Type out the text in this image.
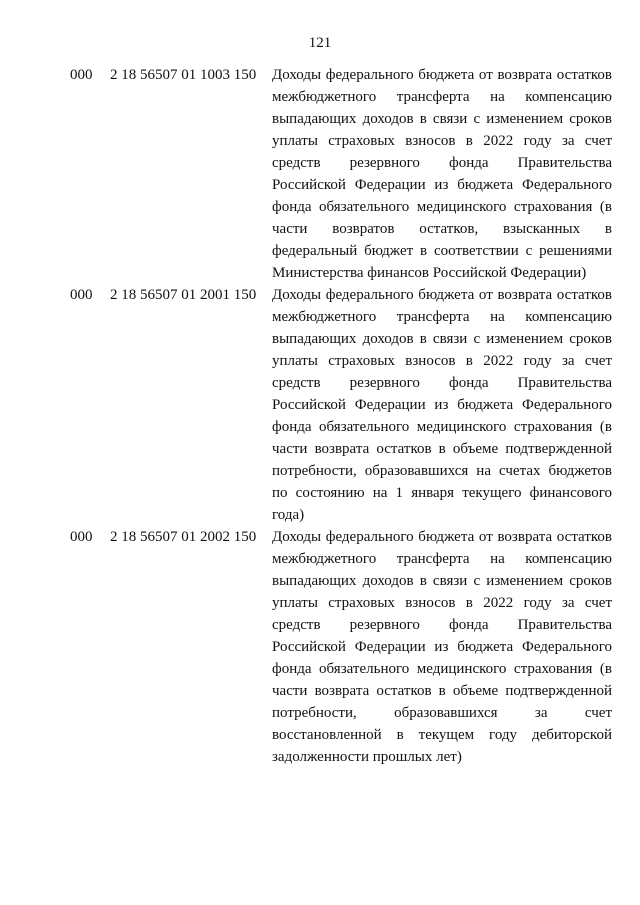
121
000	2 18 56507 01 1003 150	Доходы федерального бюджета от возврата остатков межбюджетного трансферта на компенсацию выпадающих доходов в связи с изменением сроков уплаты страховых взносов в 2022 году за счет средств резервного фонда Правительства Российской Федерации из бюджета Федерального фонда обязательного медицинского страхования (в части возвратов остатков, взысканных в федеральный бюджет в соответствии с решениями Министерства финансов Российской Федерации)
000	2 18 56507 01 2001 150	Доходы федерального бюджета от возврата остатков межбюджетного трансферта на компенсацию выпадающих доходов в связи с изменением сроков уплаты страховых взносов в 2022 году за счет средств резервного фонда Правительства Российской Федерации из бюджета Федерального фонда обязательного медицинского страхования (в части возврата остатков в объеме подтвержденной потребности, образовавшихся на счетах бюджетов по состоянию на 1 января текущего финансового года)
000	2 18 56507 01 2002 150	Доходы федерального бюджета от возврата остатков межбюджетного трансферта на компенсацию выпадающих доходов в связи с изменением сроков уплаты страховых взносов в 2022 году за счет средств резервного фонда Правительства Российской Федерации из бюджета Федерального фонда обязательного медицинского страхования (в части возврата остатков в объеме подтвержденной потребности, образовавшихся за счет восстановленной в текущем году дебиторской задолженности прошлых лет)
